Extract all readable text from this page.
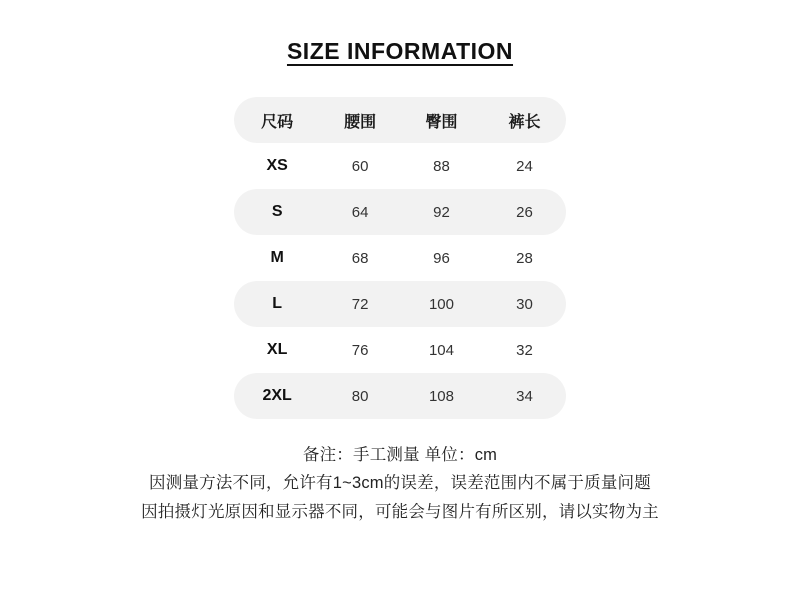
SIZE INFORMATION
尺码	腰围	臀围	裤长
XS	60	88	24
S	64	92	26
M	68	96	28
L	72	100	30
XL	76	104	32
2XL	80	108	34
备注：手工测量 单位：cm
因测量方法不同，允许有1~3cm的误差，误差范围内不属于质量问题
因拍摄灯光原因和显示器不同，可能会与图片有所区别，请以实物为主
